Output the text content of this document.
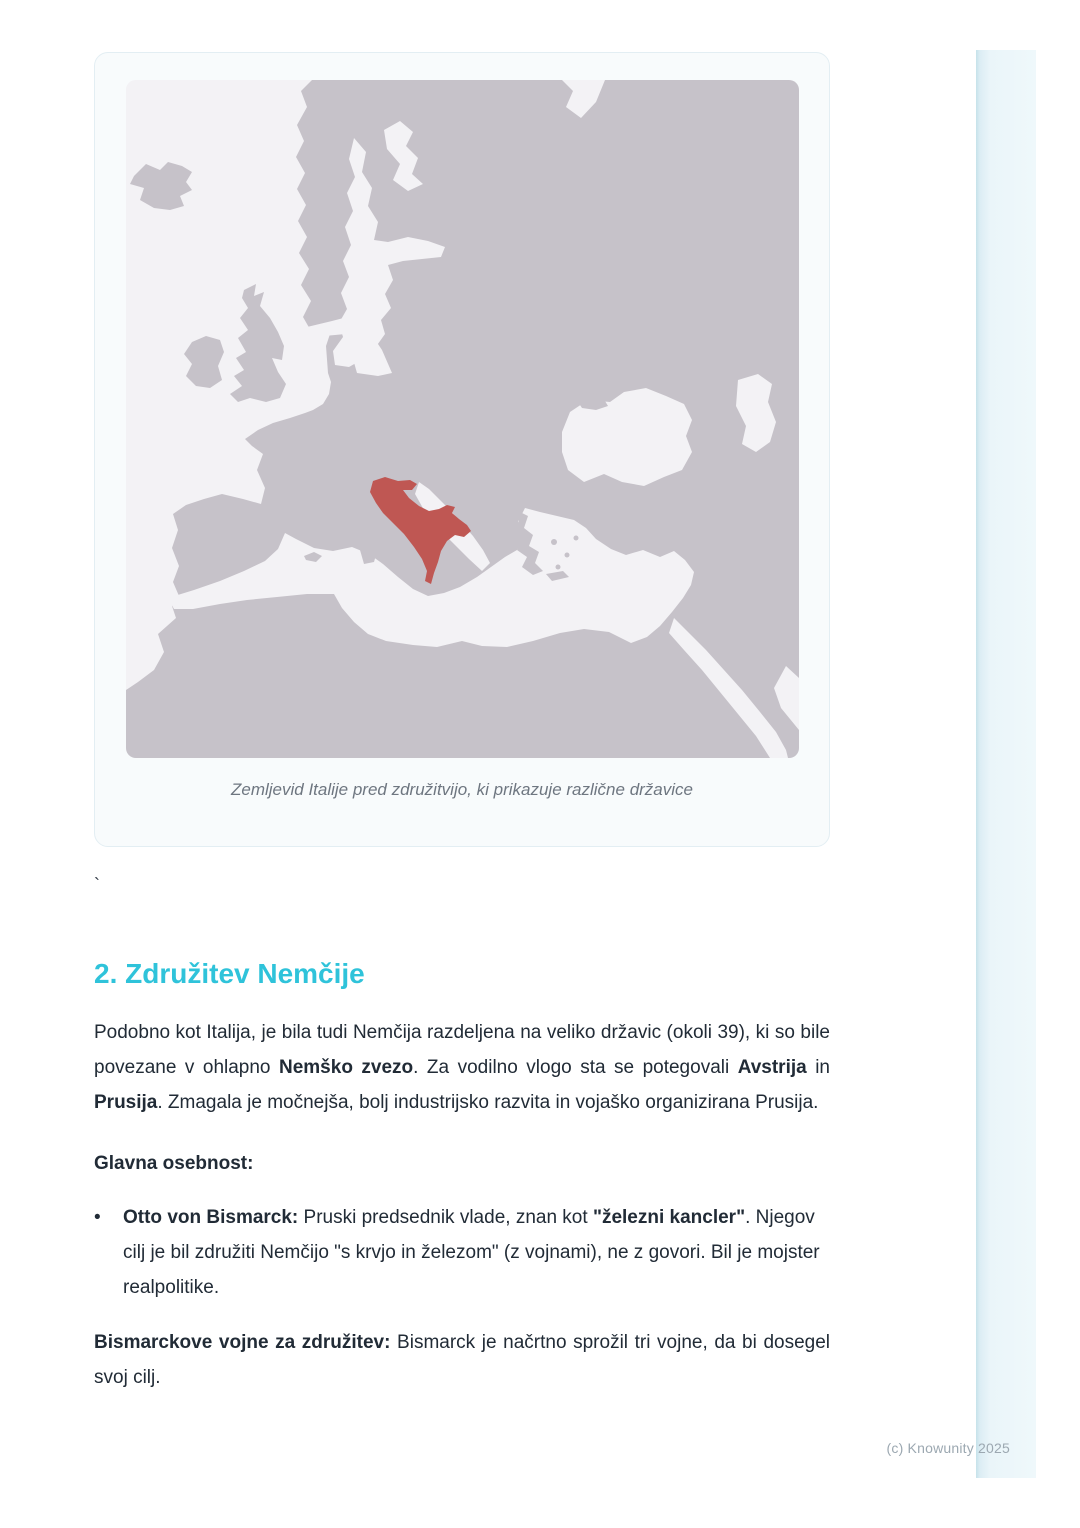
Zemljevid Italije pred združitvijo, ki prikazuje različne državice
`
2. Združitev Nemčije

Podobno kot Italija, je bila tudi Nemčija razdeljena na veliko državic (okoli 39), ki so bile povezane v ohlapno Nemško zvezo. Za vodilno vlogo sta se potegovali Avstrija in Prusija. Zmagala je močnejša, bolj industrijsko razvita in vojaško organizirana Prusija.

Glavna osebnost:

•
Otto von Bismarck: Pruski predsednik vlade, znan kot "železni kancler". Njegov cilj je bil združiti Nemčijo "s krvjo in železom" (z vojnami), ne z govori. Bil je mojster realpolitike.

Bismarckove vojne za združitev: Bismarck je načrtno sprožil tri vojne, da bi dosegel svoj cilj.

(c) Knowunity 2025
